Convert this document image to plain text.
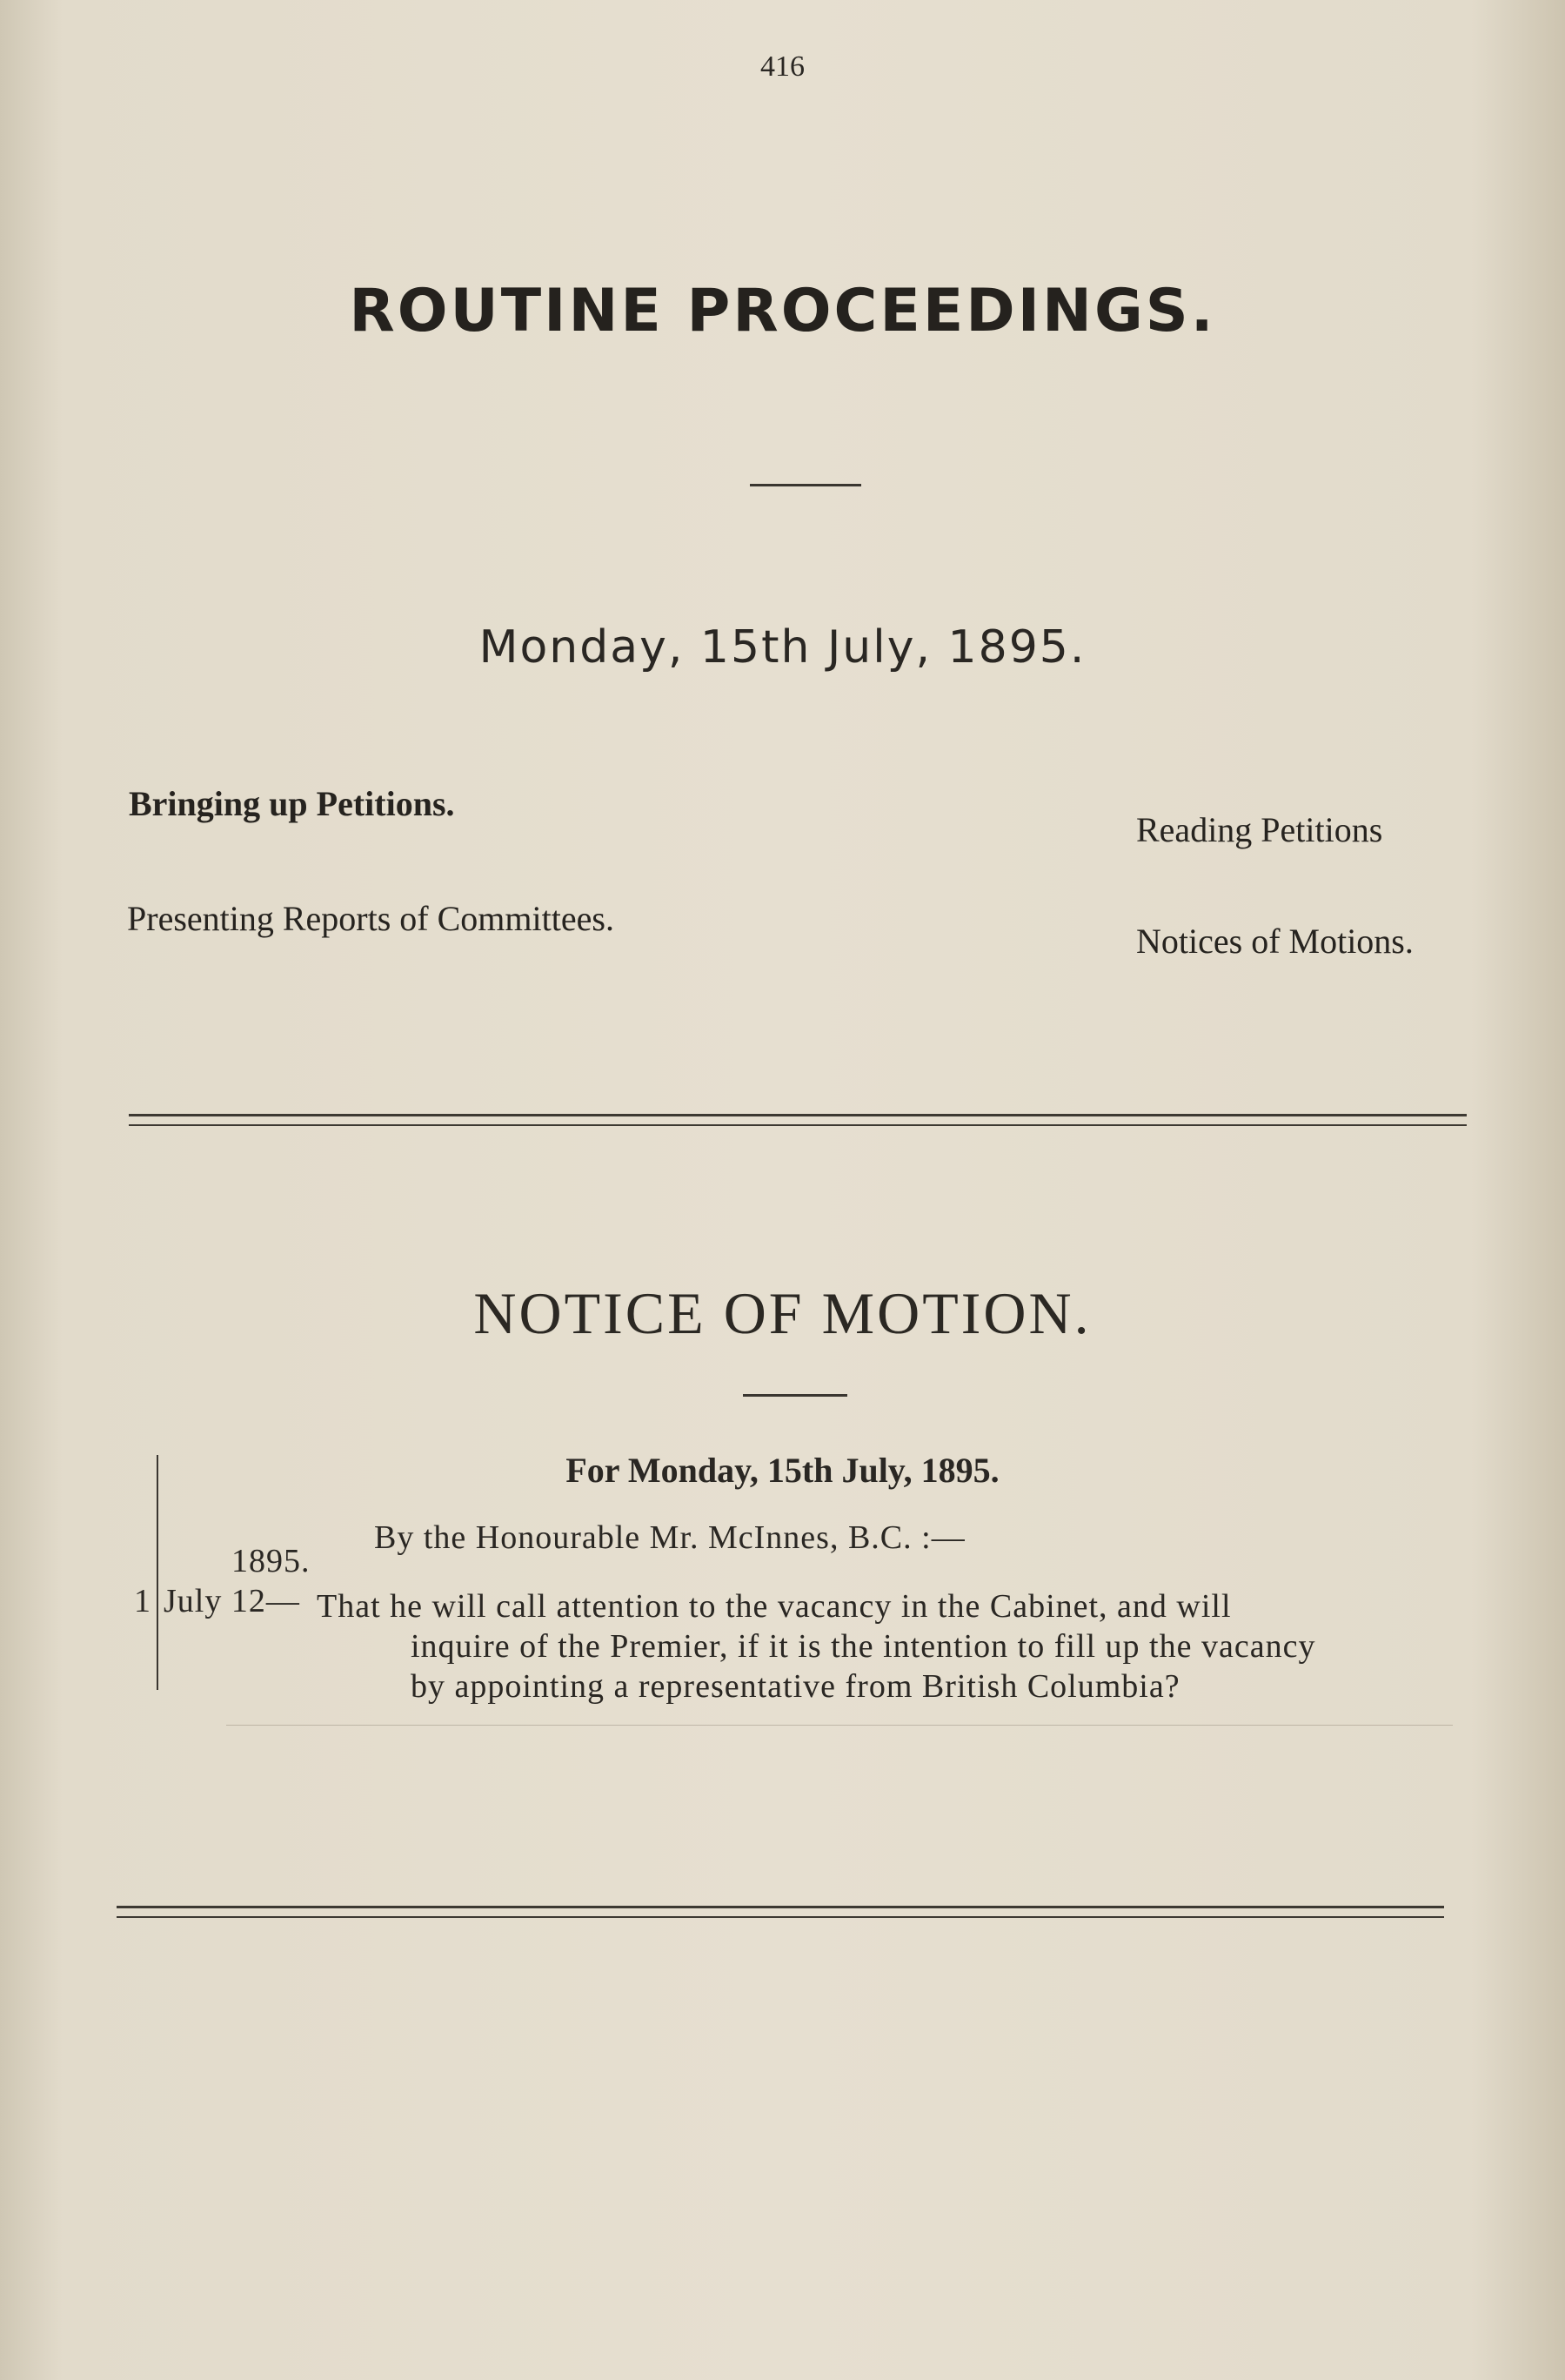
416
ROUTINE PROCEEDINGS.
Monday, 15th July, 1895.
Bringing up Petitions.
Reading Petitions
Presenting Reports of Committees.
Notices of Motions.
NOTICE OF MOTION.
For Monday, 15th July, 1895.
By the Honourable Mr. McInnes, B.C. :—
1895.
1 July 12— That he will call attention to the vacancy in the Cabinet, and will
inquire of the Premier, if it is the intention to fill up the vacancy
by appointing a representative from British Columbia?
